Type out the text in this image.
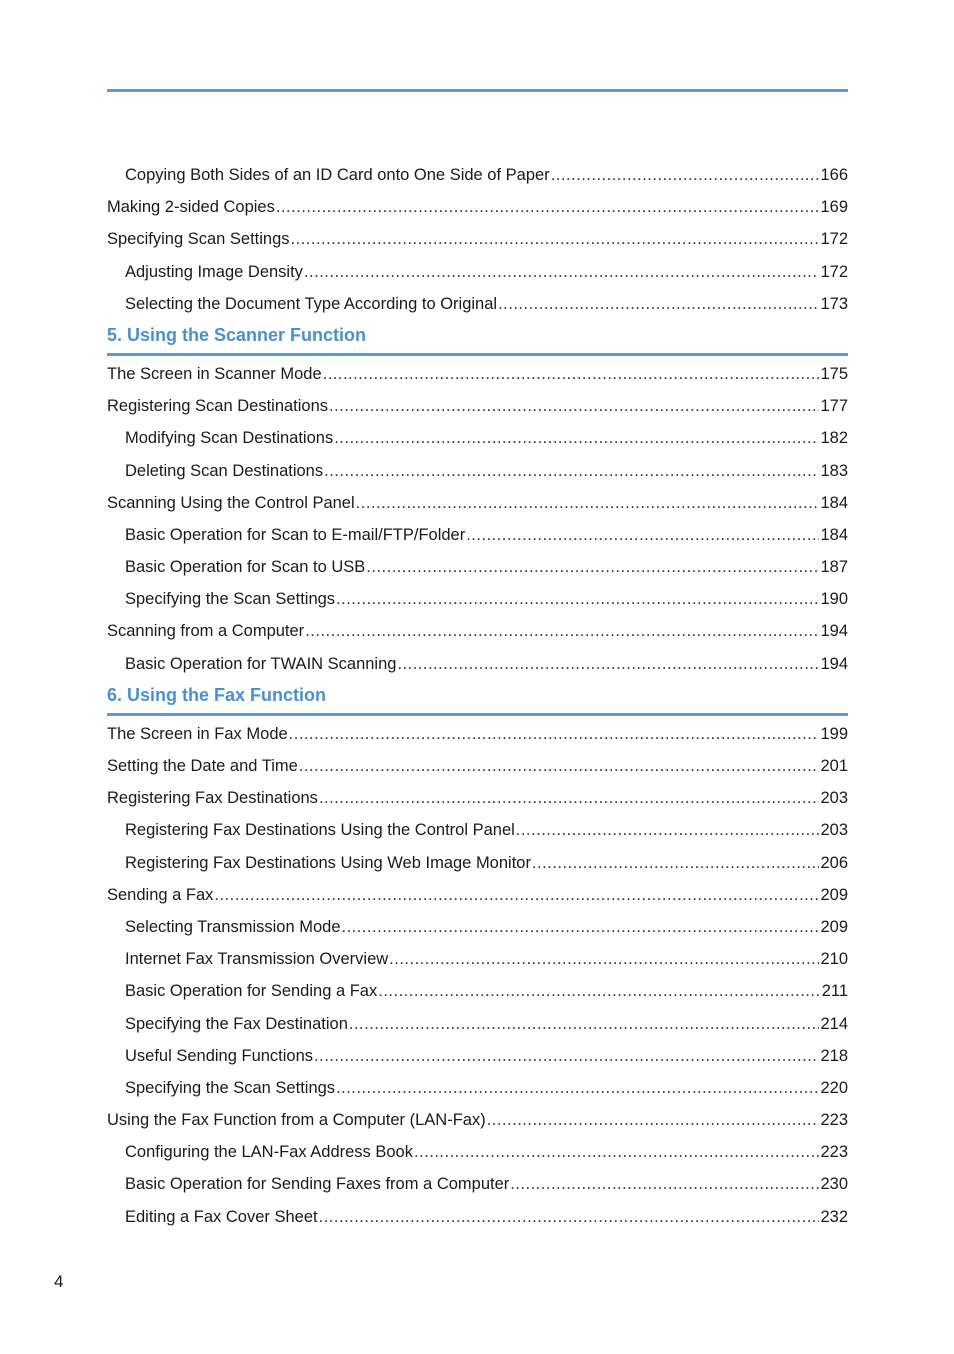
Copying Both Sides of an ID Card onto One Side of Paper .....	166
Making 2-sided Copies .....	169
Specifying Scan Settings .....	172
Adjusting Image Density .....	172
Selecting the Document Type According to Original .....	173
5. Using the Scanner Function
The Screen in Scanner Mode .....	175
Registering Scan Destinations .....	177
Modifying Scan Destinations .....	182
Deleting Scan Destinations .....	183
Scanning Using the Control Panel .....	184
Basic Operation for Scan to E-mail/FTP/Folder .....	184
Basic Operation for Scan to USB .....	187
Specifying the Scan Settings .....	190
Scanning from a Computer .....	194
Basic Operation for TWAIN Scanning .....	194
6. Using the Fax Function
The Screen in Fax Mode .....	199
Setting the Date and Time .....	201
Registering Fax Destinations .....	203
Registering Fax Destinations Using the Control Panel .....	203
Registering Fax Destinations Using Web Image Monitor .....	206
Sending a Fax .....	209
Selecting Transmission Mode .....	209
Internet Fax Transmission Overview .....	210
Basic Operation for Sending a Fax .....	211
Specifying the Fax Destination .....	214
Useful Sending Functions .....	218
Specifying the Scan Settings .....	220
Using the Fax Function from a Computer (LAN-Fax) .....	223
Configuring the LAN-Fax Address Book .....	223
Basic Operation for Sending Faxes from a Computer .....	230
Editing a Fax Cover Sheet .....	232
4
